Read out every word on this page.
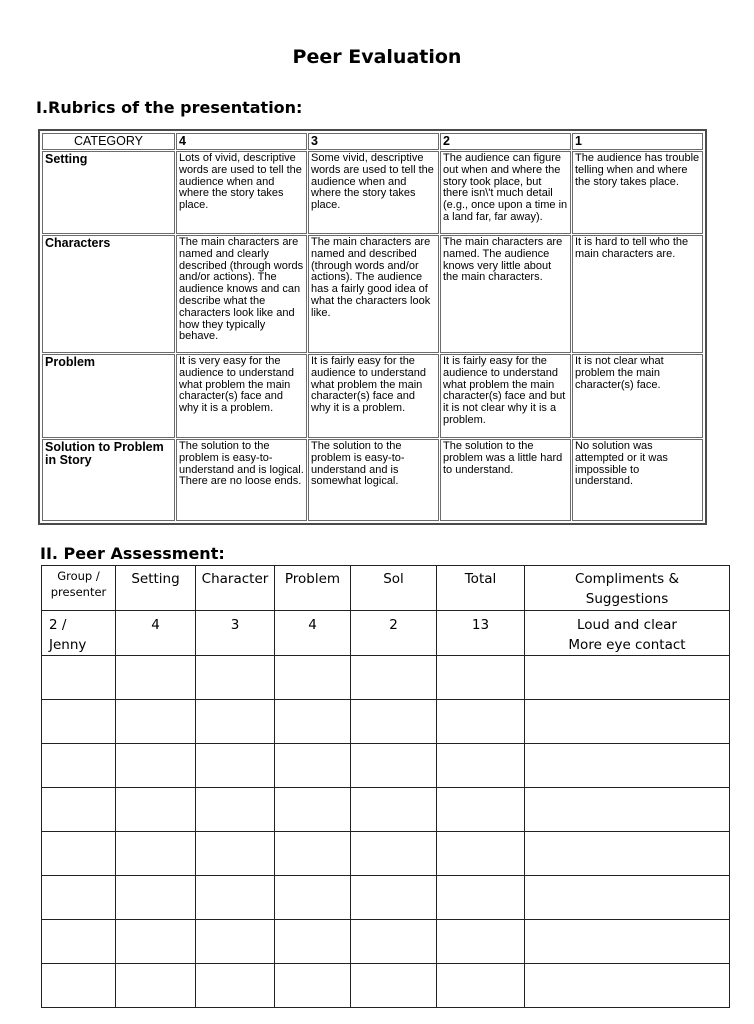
Peer Evaluation
I.Rubrics of the presentation:
CATEGORY	4	3	2	1
Setting	Lots of vivid, descriptive words are used to tell the audience when and where the story takes place.	Some vivid, descriptive words are used to tell the audience when and where the story takes place.	The audience can figure out when and where the story took place, but there isn\'t much detail (e.g., once upon a time in a land far, far away).	The audience has trouble telling when and where the story takes place.
Characters	The main characters are named and clearly described (through words and/or actions). The audience knows and can describe what the characters look like and how they typically behave.	The main characters are named and described (through words and/or actions). The audience has a fairly good idea of what the characters look like.	The main characters are named. The audience knows very little about the main characters.	It is hard to tell who the main characters are.
Problem	It is very easy for the audience to understand what problem the main character(s) face and why it is a problem.	It is fairly easy for the audience to understand what problem the main character(s) face and why it is a problem.	It is fairly easy for the audience to understand what problem the main character(s) face and but it is not clear why it is a problem.	It is not clear what problem the main character(s) face.
Solution to Problem in Story	The solution to the problem is easy-to-understand and is logical. There are no loose ends.	The solution to the problem is easy-to-understand and is somewhat logical.	The solution to the problem was a little hard to understand.	No solution was attempted or it was impossible to understand.
II. Peer Assessment:
Group /
presenter	Setting	Character	Problem	Sol	Total	Compliments &
Suggestions

2 /
Jenny	4	3	4	2	13	Loud and clear
More eye contact
